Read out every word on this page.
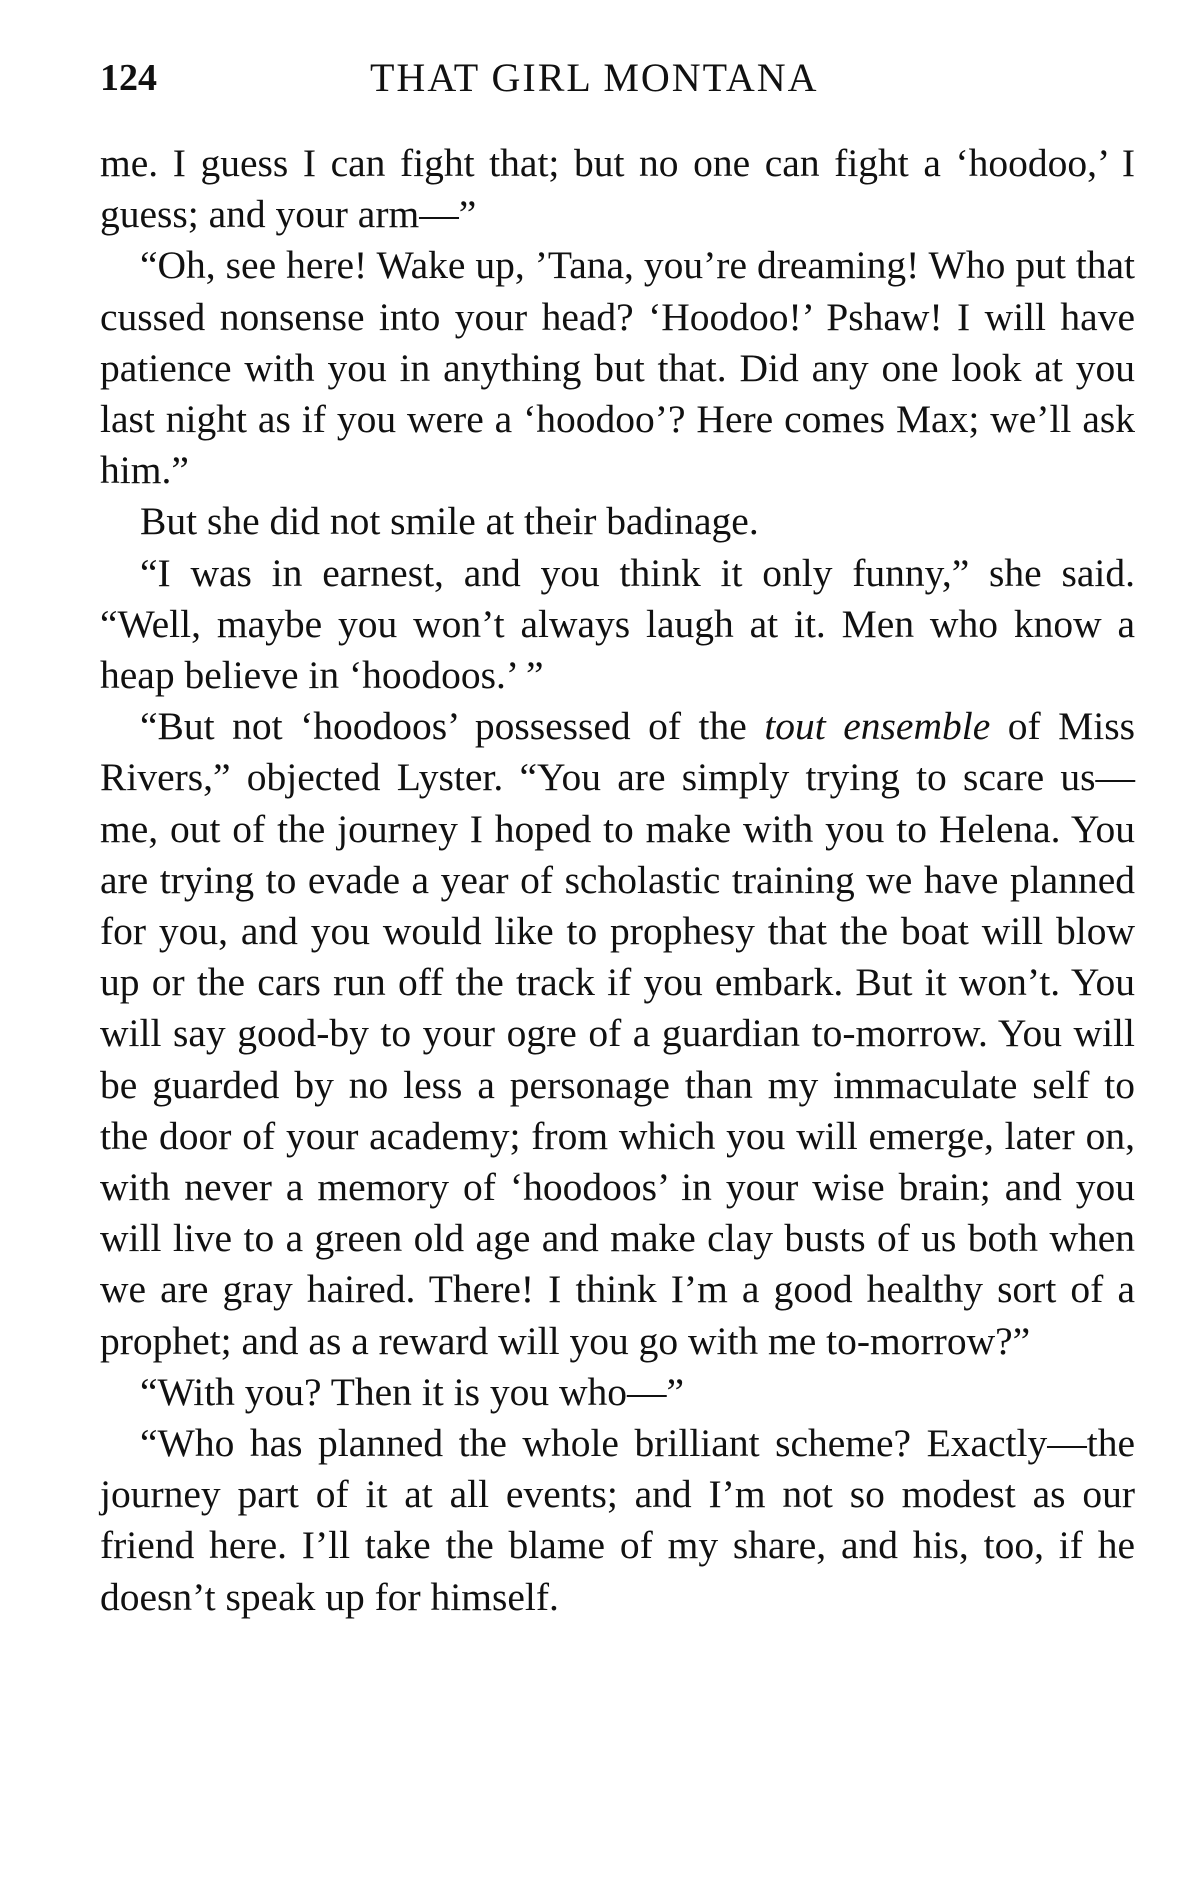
124	THAT GIRL MONTANA

me. I guess I can fight that; but no one can fight a ‘hoodoo,’ I guess; and your arm—”

“Oh, see here! Wake up, ’Tana, you’re dreaming! Who put that cussed nonsense into your head? ‘Hoodoo!’ Pshaw! I will have patience with you in anything but that. Did any one look at you last night as if you were a ‘hoodoo’? Here comes Max; we’ll ask him.”

But she did not smile at their badinage.

“I was in earnest, and you think it only funny,” she said. “Well, maybe you won’t always laugh at it. Men who know a heap believe in ‘hoodoos.’ ”

“But not ‘hoodoos’ possessed of the tout ensemble of Miss Rivers,” objected Lyster. “You are simply trying to scare us—me, out of the journey I hoped to make with you to Helena. You are trying to evade a year of scholastic training we have planned for you, and you would like to prophesy that the boat will blow up or the cars run off the track if you embark. But it won’t. You will say good-by to your ogre of a guardian to-morrow. You will be guarded by no less a personage than my immaculate self to the door of your academy; from which you will emerge, later on, with never a memory of ‘hoodoos’ in your wise brain; and you will live to a green old age and make clay busts of us both when we are gray haired. There! I think I’m a good healthy sort of a prophet; and as a reward will you go with me to-morrow?”

“With you? Then it is you who—”

“Who has planned the whole brilliant scheme? Exactly—the journey part of it at all events; and I’m not so modest as our friend here. I’ll take the blame of my share, and his, too, if he doesn’t speak up for himself.
